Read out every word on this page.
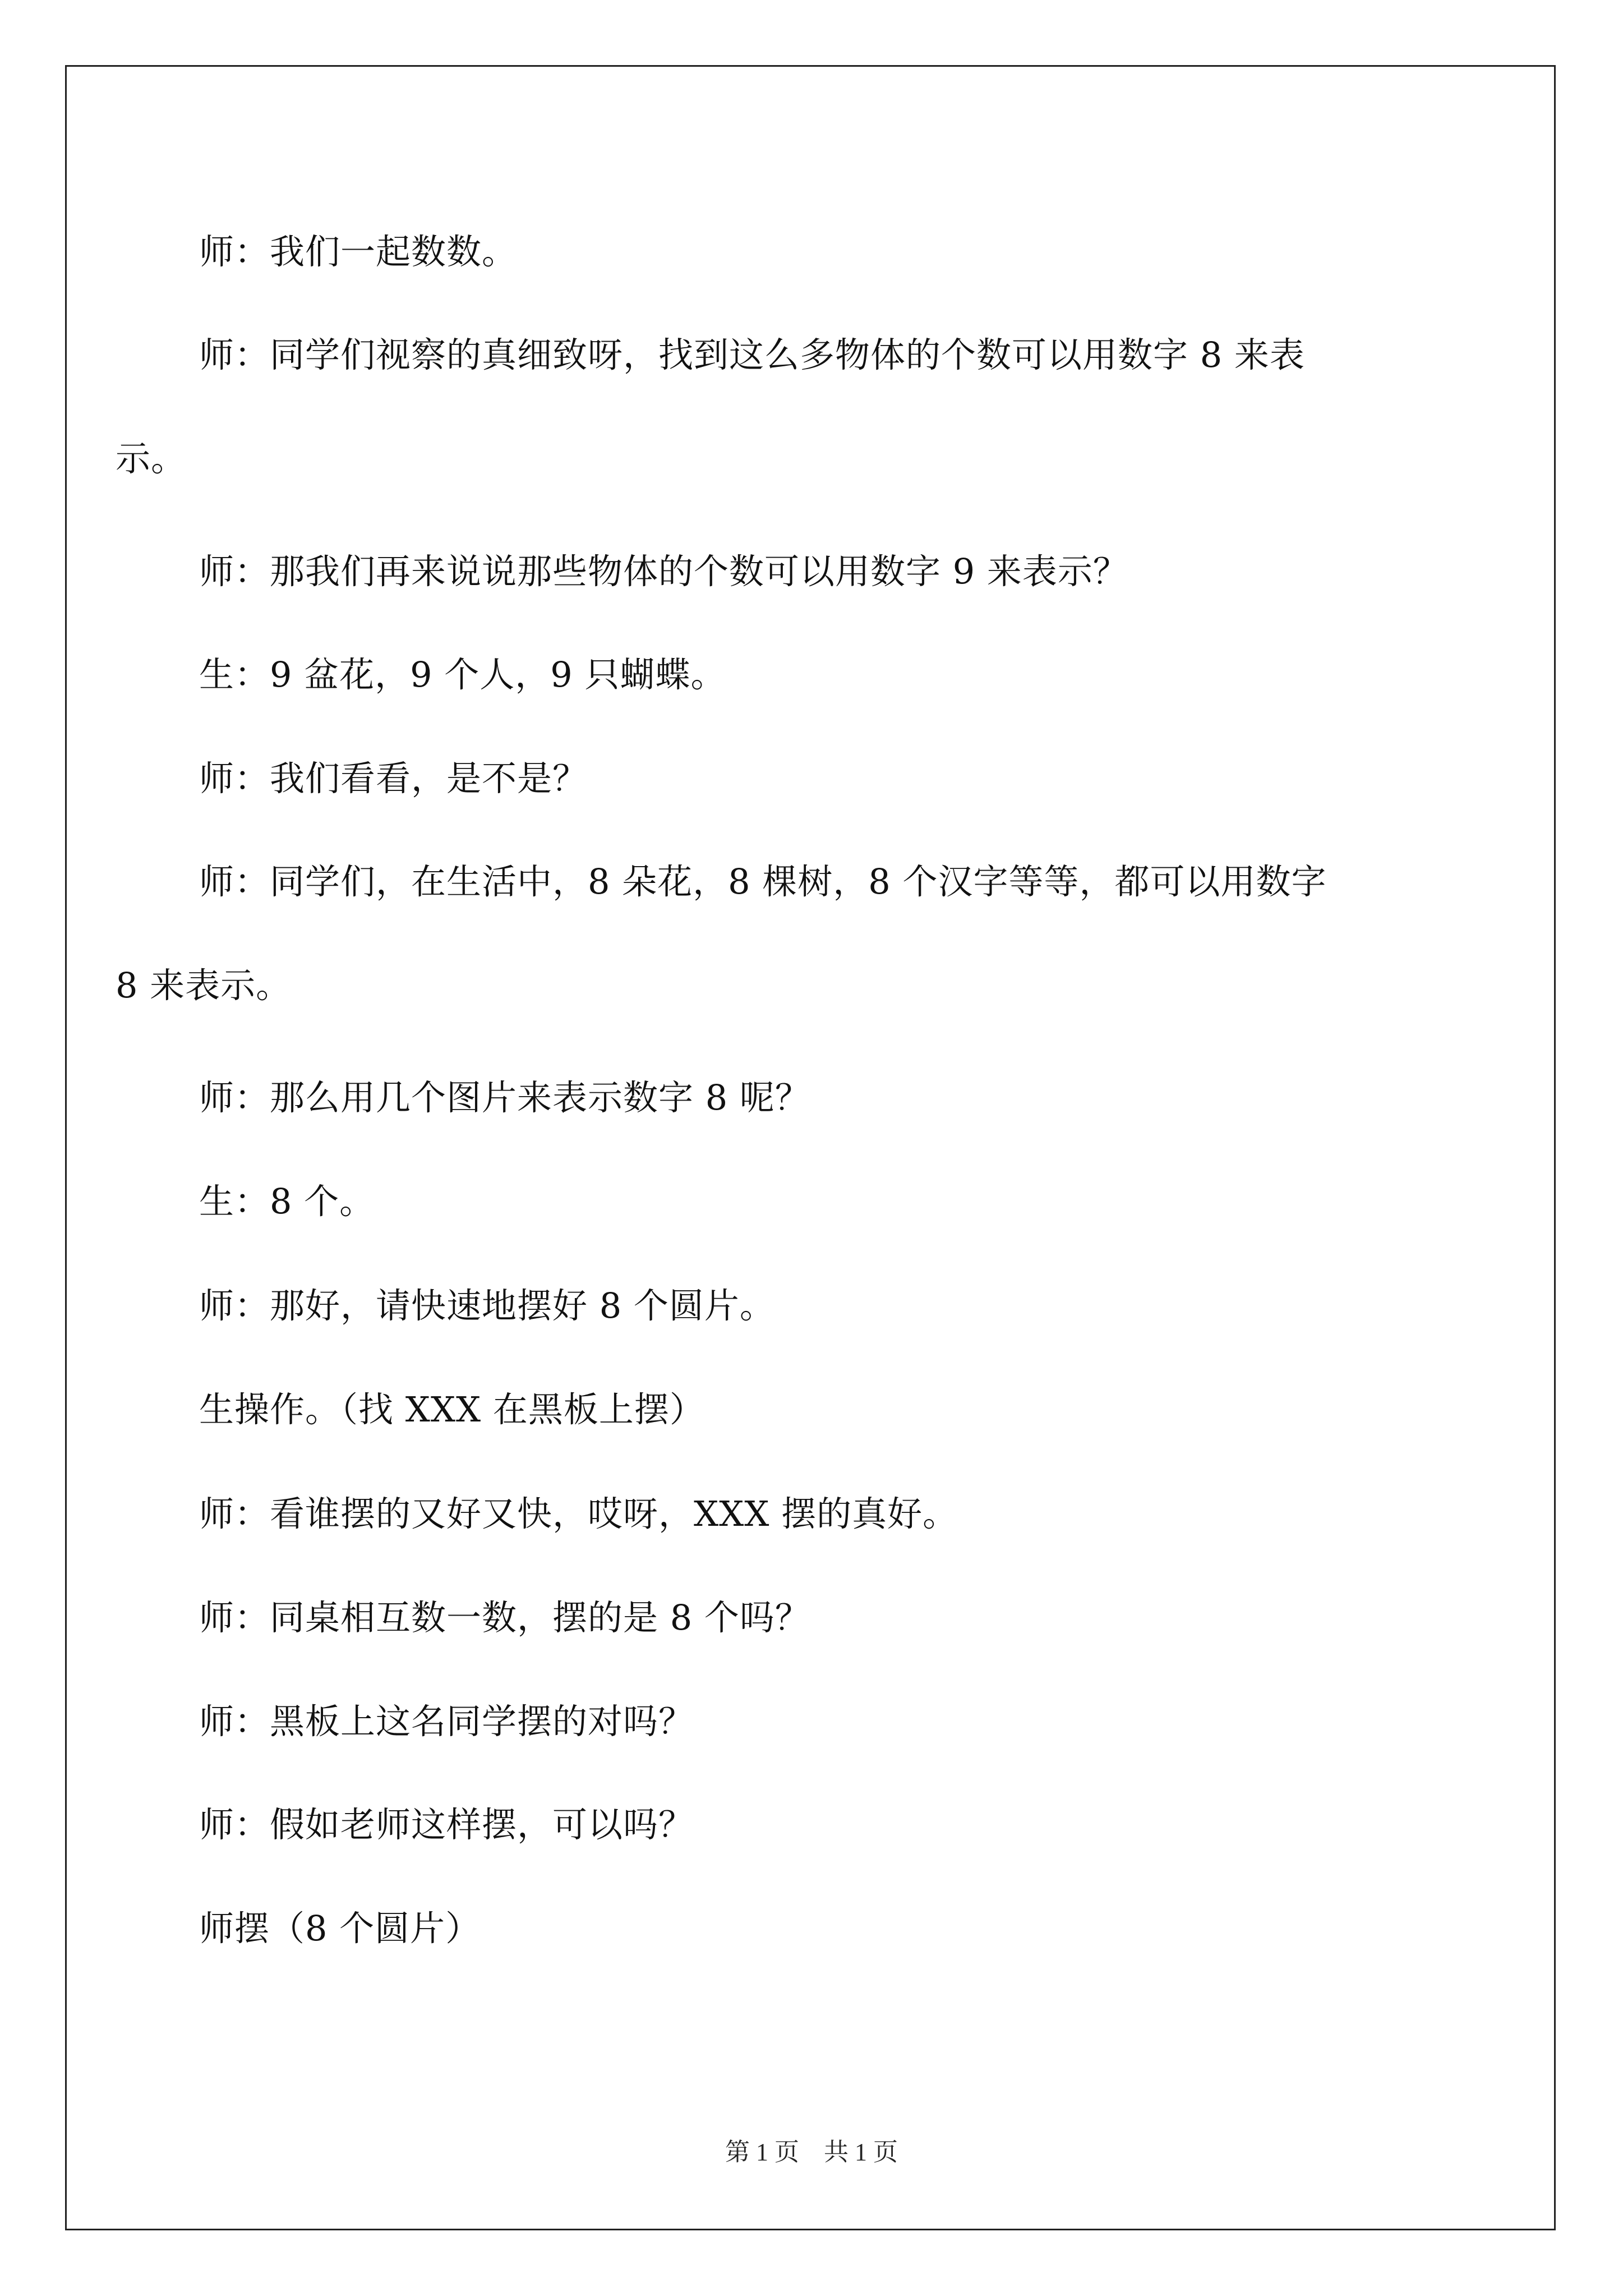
师：我们一起数数。
师：同学们视察的真细致呀，找到这么多物体的个数可以用数字 8 来表示。
师：那我们再来说说那些物体的个数可以用数字 9 来表示？
生：9 盆花，9 个人，9 只蝴蝶。
师：我们看看，是不是？
师：同学们，在生活中，8 朵花，8 棵树，8 个汉字等等，都可以用数字 8 来表示。
师：那么用几个图片来表示数字 8 呢？
生：8 个。
师：那好，请快速地摆好 8 个圆片。
生操作。（找 XXX 在黑板上摆）
师：看谁摆的又好又快，哎呀，XXX 摆的真好。
师：同桌相互数一数，摆的是 8 个吗？
师：黑板上这名同学摆的对吗？
师：假如老师这样摆，可以吗？
师摆（8 个圆片）
第 1 页　共 1 页
